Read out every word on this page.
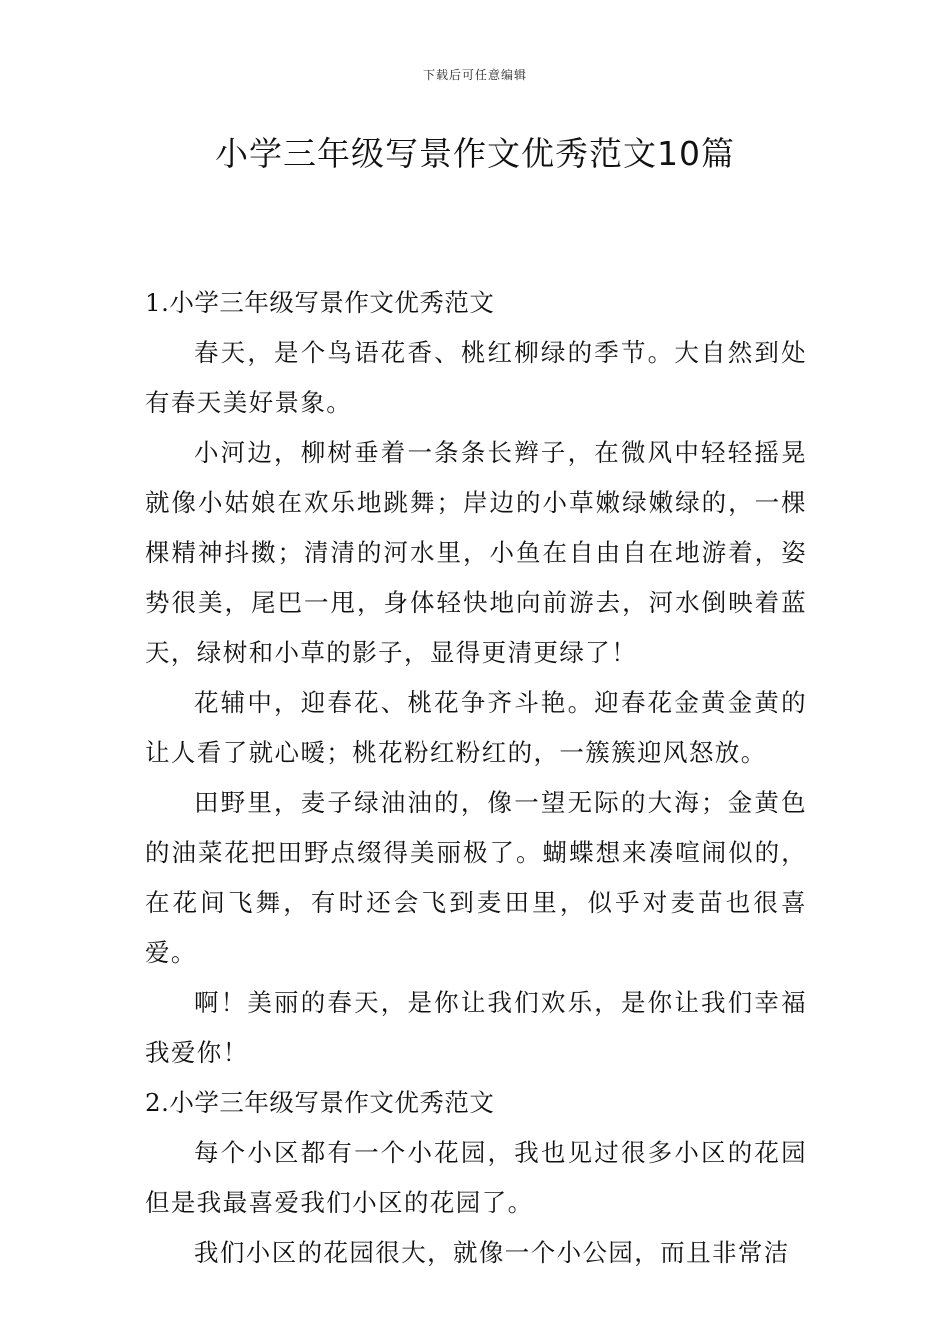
下载后可任意编辑
小学三年级写景作文优秀范文10篇

1.小学三年级写景作文优秀范文

春天，是个鸟语花香、桃红柳绿的季节。大自然到处有春天美好景象。

小河边，柳树垂着一条条长辫子，在微风中轻轻摇晃就像小姑娘在欢乐地跳舞；岸边的小草嫩绿嫩绿的，一棵棵精神抖擞；清清的河水里，小鱼在自由自在地游着，姿势很美，尾巴一甩，身体轻快地向前游去，河水倒映着蓝天，绿树和小草的影子，显得更清更绿了！

花辅中，迎春花、桃花争齐斗艳。迎春花金黄金黄的让人看了就心暧；桃花粉红粉红的，一簇簇迎风怒放。

田野里，麦子绿油油的，像一望无际的大海；金黄色的油菜花把田野点缀得美丽极了。蝴蝶想来凑喧闹似的，在花间飞舞，有时还会飞到麦田里，似乎对麦苗也很喜爱。

啊！美丽的春天，是你让我们欢乐，是你让我们幸福我爱你！

2.小学三年级写景作文优秀范文

每个小区都有一个小花园，我也见过很多小区的花园但是我最喜爱我们小区的花园了。

我们小区的花园很大，就像一个小公园，而且非常洁
